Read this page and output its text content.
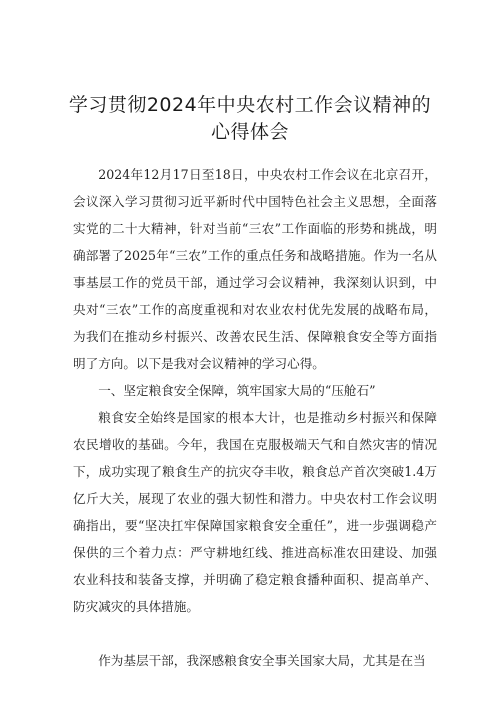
学习贯彻2024年中央农村工作会议精神的
心得体会

2024年12月17日至18日，中央农村工作会议在北京召开，会议深入学习贯彻习近平新时代中国特色社会主义思想，全面落实党的二十大精神，针对当前“三农”工作面临的形势和挑战，明确部署了2025年“三农”工作的重点任务和战略措施。作为一名从事基层工作的党员干部，通过学习会议精神，我深刻认识到，中央对“三农”工作的高度重视和对农业农村优先发展的战略布局，为我们在推动乡村振兴、改善农民生活、保障粮食安全等方面指明了方向。以下是我对会议精神的学习心得。

一、坚定粮食安全保障，筑牢国家大局的“压舱石”

粮食安全始终是国家的根本大计，也是推动乡村振兴和保障农民增收的基础。今年，我国在克服极端天气和自然灾害的情况下，成功实现了粮食生产的抗灾夺丰收，粮食总产首次突破1.4万亿斤大关，展现了农业的强大韧性和潜力。中央农村工作会议明确指出，要“坚决扛牢保障国家粮食安全重任”，进一步强调稳产保供的三个着力点：严守耕地红线、推进高标准农田建设、加强农业科技和装备支撑，并明确了稳定粮食播种面积、提高单产、防灾减灾的具体措施。

作为基层干部，我深感粮食安全事关国家大局，尤其是在当
